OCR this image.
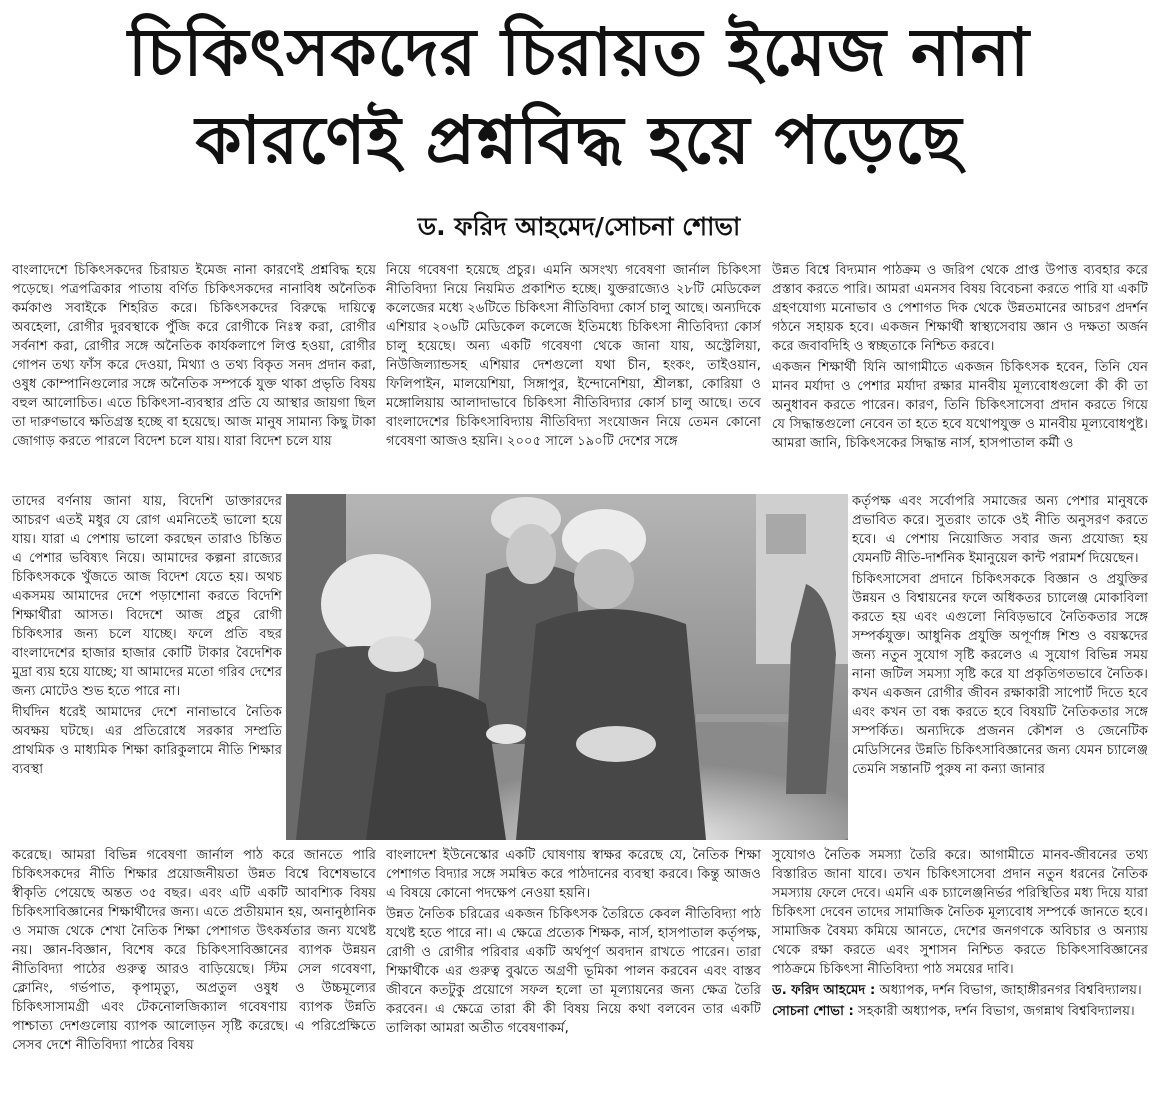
চিকিৎসকদের চিরায়ত ইমেজ নানা
কারণেই প্রশ্নবিদ্ধ হয়ে পড়েছে
ড. ফরিদ আহমেদ/সোচনা শোভা

বাংলাদেশে চিকিৎসকদের চিরায়ত ইমেজ নানা কারণেই প্রশ্নবিদ্ধ হয়ে পড়েছে। পত্রপত্রিকার পাতায় বর্ণিত চিকিৎসকদের নানাবিধ অনৈতিক কর্মকাণ্ড সবাইকে শিহরিত করে। চিকিৎসকদের বিরুদ্ধে দায়িত্বে অবহেলা, রোগীর দুরবস্থাকে পুঁজি করে রোগীকে নিঃস্ব করা, রোগীর সর্বনাশ করা, রোগীর সঙ্গে অনৈতিক কার্যকলাপে লিপ্ত হওয়া, রোগীর গোপন তথ্য ফাঁস করে দেওয়া, মিথ্যা ও তথ্য বিকৃত সনদ প্রদান করা, ওষুধ কোম্পানিগুলোর সঙ্গে অনৈতিক সম্পর্কে যুক্ত থাকা প্রভৃতি বিষয় বহুল আলোচিত। এতে চিকিৎসা-ব্যবস্থার প্রতি যে আস্থার জায়গা ছিল তা দারুণভাবে ক্ষতিগ্রস্ত হচ্ছে বা হয়েছে। আজ মানুষ সামান্য কিছু টাকা জোগাড় করতে পারলে বিদেশ চলে যায়। যারা বিদেশ চলে যায়

তাদের বর্ণনায় জানা যায়, বিদেশি ডাক্তারদের আচরণ এতই মধুর যে রোগ এমনিতেই ভালো হয়ে যায়। যারা এ পেশায় ভালো করছেন তারাও চিন্তিত এ পেশার ভবিষ্যৎ নিয়ে। আমাদের কল্পনা রাজ্যের চিকিৎসককে খুঁজতে আজ বিদেশ যেতে হয়। অথচ একসময় আমাদের দেশে পড়াশোনা করতে বিদেশি শিক্ষার্থীরা আসত। বিদেশে আজ প্রচুর রোগী চিকিৎসার জন্য চলে যাচ্ছে। ফলে প্রতি বছর বাংলাদেশের হাজার হাজার কোটি টাকার বৈদেশিক মুদ্রা ব্যয় হয়ে যাচ্ছে; যা আমাদের মতো গরিব দেশের জন্য মোটেও শুভ হতে পারে না।

দীর্ঘদিন ধরেই আমাদের দেশে নানাভাবে নৈতিক অবক্ষয় ঘটছে। এর প্রতিরোধে সরকার সম্প্রতি প্রাথমিক ও মাধ্যমিক শিক্ষা কারিকুলামে নীতি শিক্ষার ব্যবস্থা

করেছে। আমরা বিভিন্ন গবেষণা জার্নাল পাঠ করে জানতে পারি চিকিৎসকদের নীতি শিক্ষার প্রয়োজনীয়তা উন্নত বিশ্বে বিশেষভাবে স্বীকৃতি পেয়েছে অন্তত ৩৫ বছর। এবং এটি একটি আবশ্যিক বিষয় চিকিৎসাবিজ্ঞানের শিক্ষার্থীদের জন্য। এতে প্রতীয়মান হয়, অনানুষ্ঠানিক ও সমাজ থেকে শেখা নৈতিক শিক্ষা পেশাগত উৎকর্ষতার জন্য যথেষ্ট নয়। জ্ঞান-বিজ্ঞান, বিশেষ করে চিকিৎসাবিজ্ঞানের ব্যাপক উন্নয়ন নীতিবিদ্যা পাঠের গুরুত্ব আরও বাড়িয়েছে। স্টিম সেল গবেষণা, ক্লোনিং, গর্ভপাত, কৃপামৃত্যু, অপ্রতুল ওষুধ ও উচ্চমূল্যের চিকিৎসাসামগ্রী এবং টেকনোলজিক্যাল গবেষণায় ব্যাপক উন্নতি পাশ্চাত্য দেশগুলোয় ব্যাপক আলোড়ন সৃষ্টি করেছে। এ পরিপ্রেক্ষিতে সেসব দেশে নীতিবিদ্যা পাঠের বিষয়

নিয়ে গবেষণা হয়েছে প্রচুর। এমনি অসংখ্য গবেষণা জার্নাল চিকিৎসা নীতিবিদ্যা নিয়ে নিয়মিত প্রকাশিত হচ্ছে। যুক্তরাজ্যেও ২৮টি মেডিকেল কলেজের মধ্যে ২৬টিতে চিকিৎসা নীতিবিদ্যা কোর্স চালু আছে। অন্যদিকে এশিয়ার ২০৬টি মেডিকেল কলেজে ইতিমধ্যে চিকিৎসা নীতিবিদ্যা কোর্স চালু হয়েছে। অন্য একটি গবেষণা থেকে জানা যায়, অস্ট্রেলিয়া, নিউজিল্যান্ডসহ এশিয়ার দেশগুলো যথা চীন, হংকং, তাইওয়ান, ফিলিপাইন, মালয়েশিয়া, সিঙ্গাপুর, ইন্দোনেশিয়া, শ্রীলঙ্কা, কোরিয়া ও মঙ্গোলিয়ায় আলাদাভাবে চিকিৎসা নীতিবিদ্যার কোর্স চালু আছে। তবে বাংলাদেশের চিকিৎসাবিদ্যায় নীতিবিদ্যা সংযোজন নিয়ে তেমন কোনো গবেষণা আজও হয়নি। ২০০৫ সালে ১৯০টি দেশের সঙ্গে

বাংলাদেশ ইউনেস্কোর একটি ঘোষণায় স্বাক্ষর করেছে যে, নৈতিক শিক্ষা পেশাগত বিদ্যার সঙ্গে সমন্বিত করে পাঠদানের ব্যবস্থা করবে। কিন্তু আজও এ বিষয়ে কোনো পদক্ষেপ নেওয়া হয়নি।

উন্নত নৈতিক চরিত্রের একজন চিকিৎসক তৈরিতে কেবল নীতিবিদ্যা পাঠ যথেষ্ট হতে পারে না। এ ক্ষেত্রে প্রত্যেক শিক্ষক, নার্স, হাসপাতাল কর্তৃপক্ষ, রোগী ও রোগীর পরিবার একটি অর্থপূর্ণ অবদান রাখতে পারেন। তারা শিক্ষার্থীকে এর গুরুত্ব বুঝতে অগ্রণী ভূমিকা পালন করবেন এবং বাস্তব জীবনে কতটুকু প্রয়োগে সফল হলো তা মূল্যায়নের জন্য ক্ষেত্র তৈরি করবেন। এ ক্ষেত্রে তারা কী কী বিষয় নিয়ে কথা বলবেন তার একটি তালিকা আমরা অতীত গবেষণাকর্ম,

উন্নত বিশ্বে বিদ্যমান পাঠক্রম ও জরিপ থেকে প্রাপ্ত উপাত্ত ব্যবহার করে প্রস্তাব করতে পারি। আমরা এমনসব বিষয় বিবেচনা করতে পারি যা একটি গ্রহণযোগ্য মনোভাব ও পেশাগত দিক থেকে উন্নতমানের আচরণ প্রদর্শন গঠনে সহায়ক হবে। একজন শিক্ষার্থী স্বাস্থ্যসেবায় জ্ঞান ও দক্ষতা অর্জন করে জবাবদিহি ও স্বচ্ছতাকে নিশ্চিত করবে।

একজন শিক্ষার্থী যিনি আগামীতে একজন চিকিৎসক হবেন, তিনি যেন মানব মর্যাদা ও পেশার মর্যাদা রক্ষার মানবীয় মূল্যবোধগুলো কী কী তা অনুধাবন করতে পারেন। কারণ, তিনি চিকিৎসাসেবা প্রদান করতে গিয়ে যে সিদ্ধান্তগুলো নেবেন তা হতে হবে যথোপযুক্ত ও মানবীয় মূল্যবোধপুষ্ট। আমরা জানি, চিকিৎসকের সিদ্ধান্ত নার্স, হাসপাতাল কর্মী ও

কর্তৃপক্ষ এবং সর্বোপরি সমাজের অন্য পেশার মানুষকে প্রভাবিত করে। সুতরাং তাকে ওই নীতি অনুসরণ করতে হবে। এ পেশায় নিয়োজিত সবার জন্য প্রযোজ্য হয় যেমনটি নীতি-দার্শনিক ইমানুয়েল কান্ট পরামর্শ দিয়েছেন।

চিকিৎসাসেবা প্রদানে চিকিৎসককে বিজ্ঞান ও প্রযুক্তির উন্নয়ন ও বিশ্বায়নের ফলে অধিকতর চ্যালেঞ্জ মোকাবিলা করতে হয় এবং এগুলো নিবিড়ভাবে নৈতিকতার সঙ্গে সম্পর্কযুক্ত। আধুনিক প্রযুক্তি অপূর্ণাঙ্গ শিশু ও বয়স্কদের জন্য নতুন সুযোগ সৃষ্টি করলেও এ সুযোগ বিভিন্ন সময় নানা জটিল সমস্যা সৃষ্টি করে যা প্রকৃতিগতভাবে নৈতিক। কখন একজন রোগীর জীবন রক্ষাকারী সাপোর্ট দিতে হবে এবং কখন তা বন্ধ করতে হবে বিষয়টি নৈতিকতার সঙ্গে সম্পর্কিত। অন্যদিকে প্রজনন কৌশল ও জেনেটিক মেডিসিনের উন্নতি চিকিৎসাবিজ্ঞানের জন্য যেমন চ্যালেঞ্জ তেমনি সন্তানটি পুরুষ না কন্যা জানার

সুযোগও নৈতিক সমস্যা তৈরি করে। আগামীতে মানব-জীবনের তথ্য বিস্তারিত জানা যাবে। তখন চিকিৎসাসেবা প্রদান নতুন ধরনের নৈতিক সমস্যায় ফেলে দেবে। এমনি এক চ্যালেঞ্জনির্ভর পরিস্থিতির মধ্য দিয়ে যারা চিকিৎসা দেবেন তাদের সামাজিক নৈতিক মূল্যবোধ সম্পর্কে জানতে হবে। সামাজিক বৈষম্য কমিয়ে আনতে, দেশের জনগণকে অবিচার ও অন্যায় থেকে রক্ষা করতে এবং সুশাসন নিশ্চিত করতে চিকিৎসাবিজ্ঞানের পাঠক্রমে চিকিৎসা নীতিবিদ্যা পাঠ সময়ের দাবি।

ড. ফরিদ আহমেদ : অধ্যাপক, দর্শন বিভাগ, জাহাঙ্গীরনগর বিশ্ববিদ্যালয়।

সোচনা শোভা : সহকারী অধ্যাপক, দর্শন বিভাগ, জগন্নাথ বিশ্ববিদ্যালয়।
